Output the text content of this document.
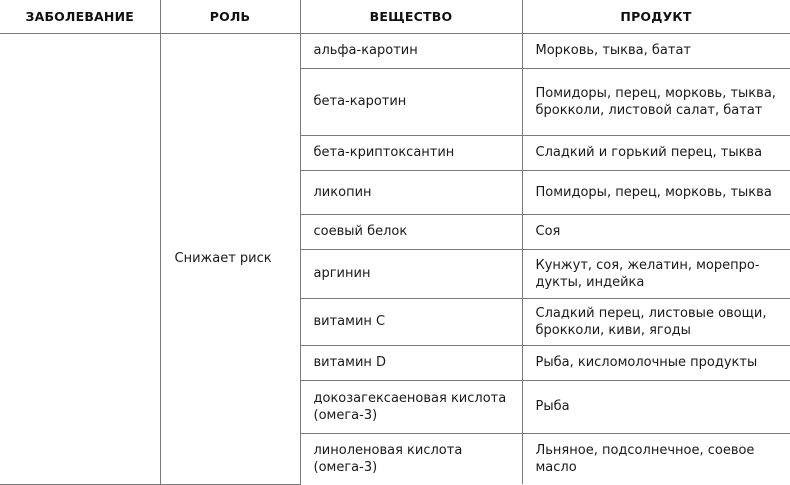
ЗАБОЛЕВАНИЕ	РОЛЬ	ВЕЩЕСТВО	ПРОДУКТ
	Снижает риск	альфа-каротин	Морковь, тыква, батат
		бета-каротин	Помидоры, перец, морковь, тыква, брокколи, листовой салат, батат
		бета-криптоксантин	Сладкий и горький перец, тыква
		ликопин	Помидоры, перец, морковь, тыква
		соевый белок	Соя
		аргинин	Кунжут, соя, желатин, морепродукты, индейка
		витамин C	Сладкий перец, листовые овощи, брокколи, киви, ягоды
		витамин D	Рыба, кисломолочные продукты
		докозагексаеновая кислота (омега-3)	Рыба
		линоленовая кислота (омега-3)	Льняное, подсолнечное, соевое масло
